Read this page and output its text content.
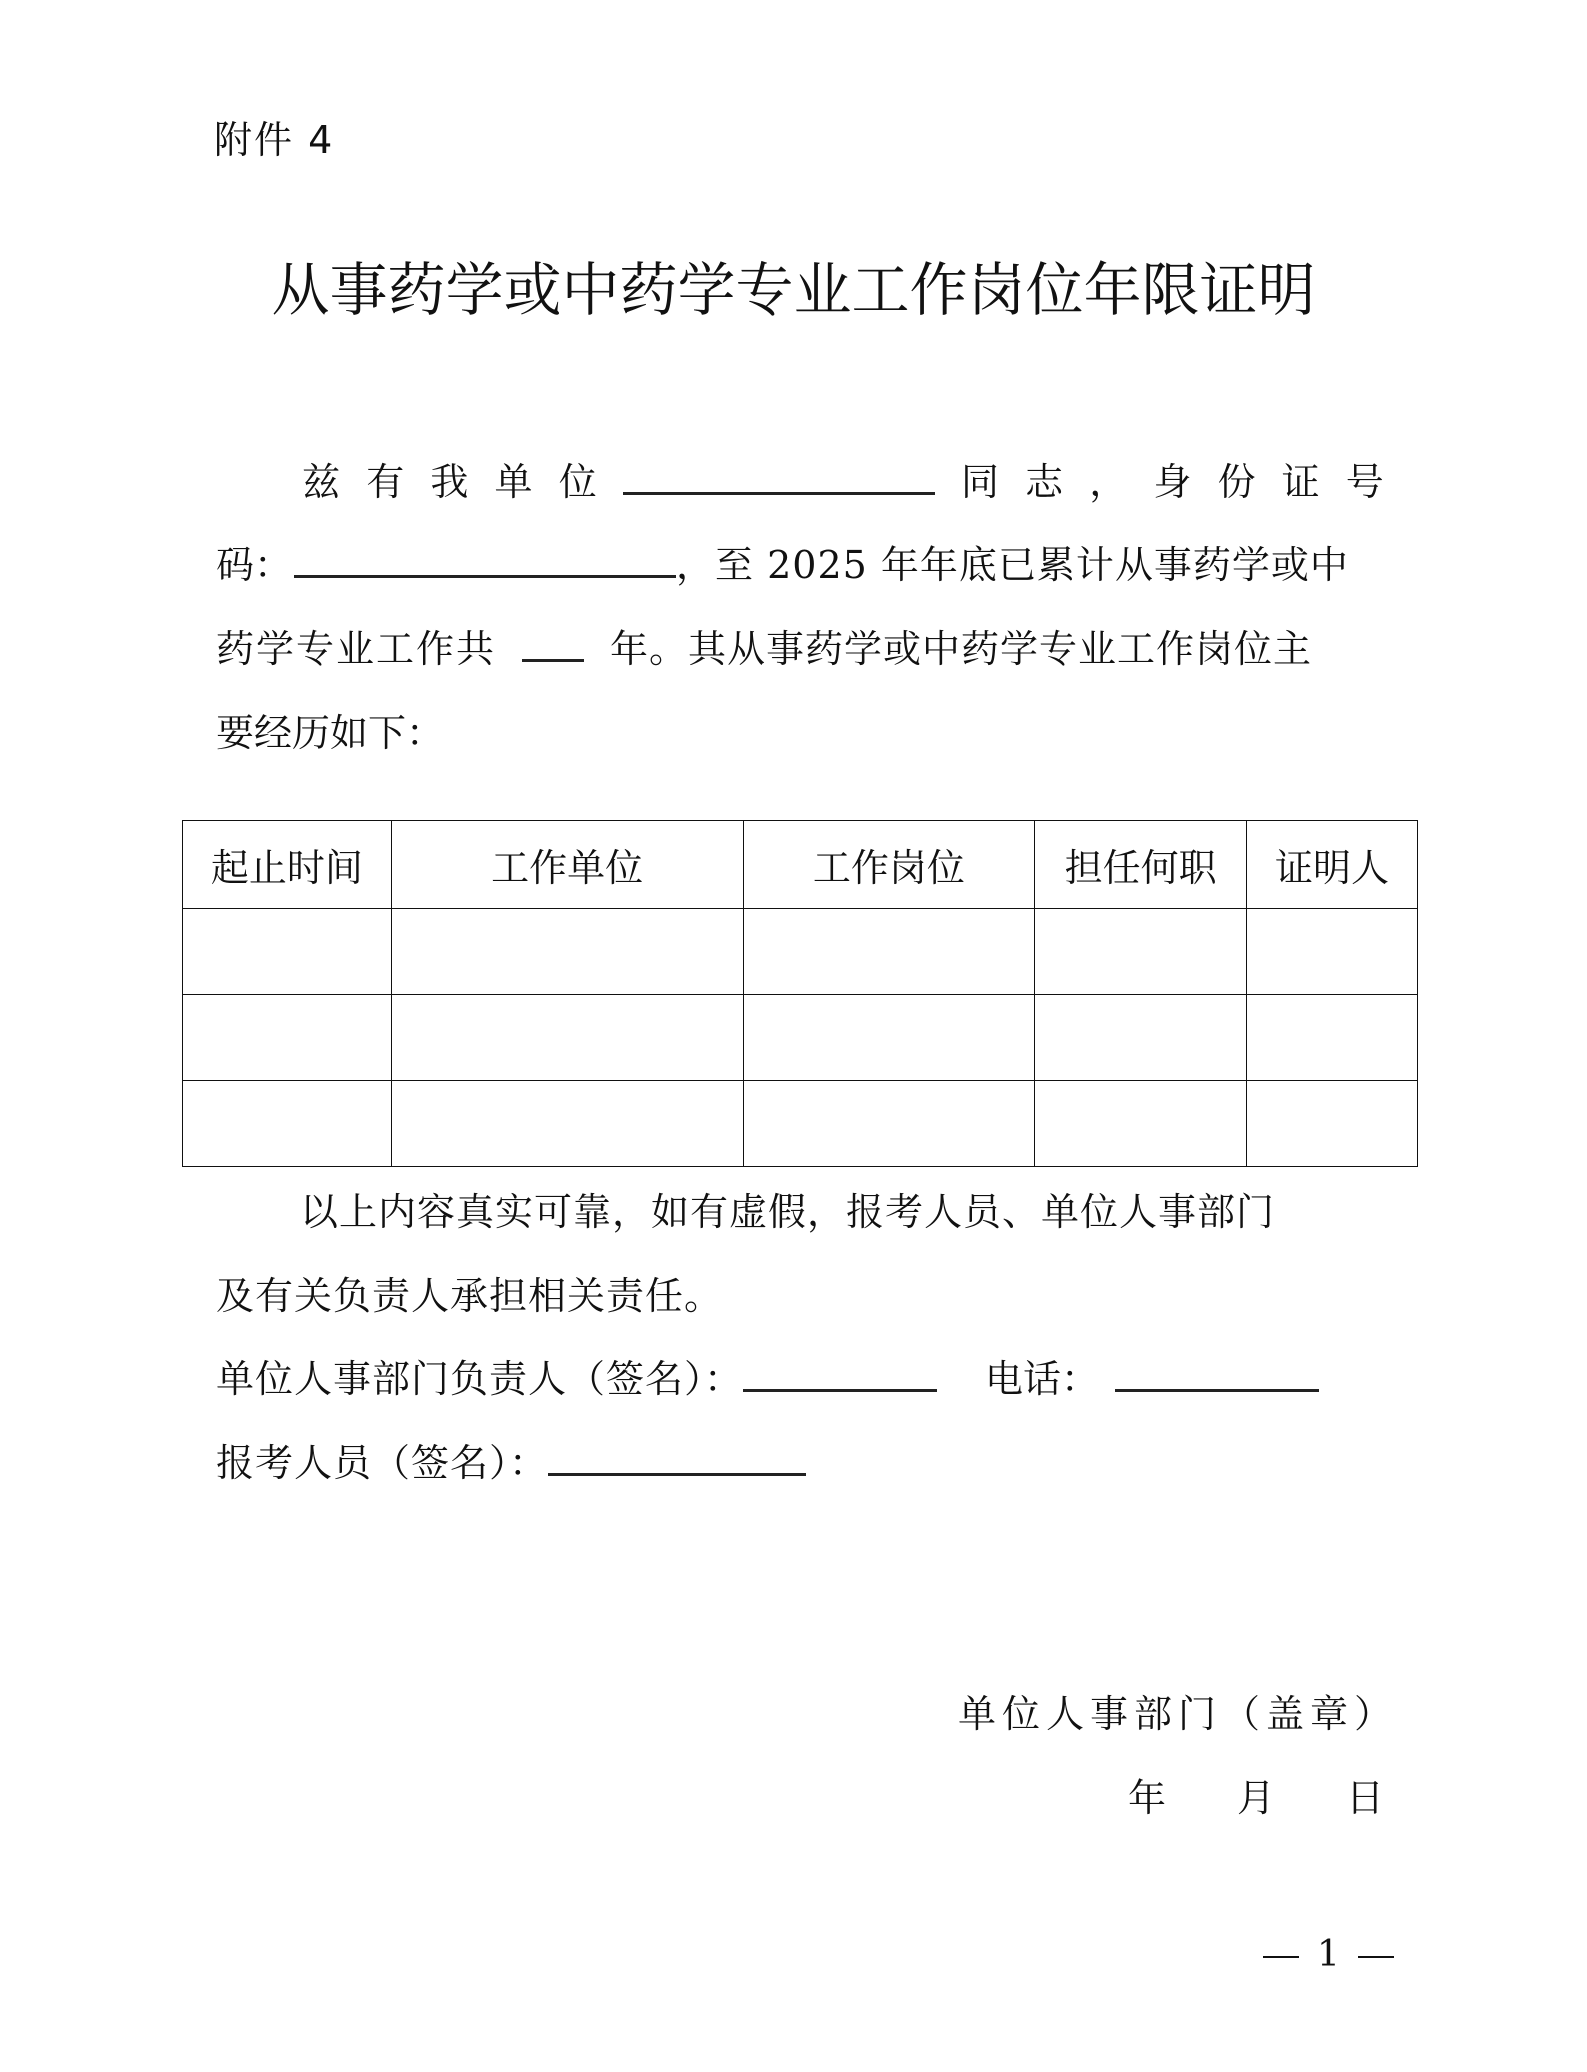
附件 4
从事药学或中药学专业工作岗位年限证明
兹 有 我 单 位	同 志 ， 身 份 证 号
码：	，至 2025 年年底已累计从事药学或中
药学专业工作共	年。其从事药学或中药学专业工作岗位主
要经历如下：
起止时间	工作单位	工作岗位	担任何职	证明人

以上内容真实可靠，如有虚假，报考人员、单位人事部门
及有关负责人承担相关责任。
单位人事部门负责人（签名）：	电话：
报考人员（签名）：
单位人事部门（盖章）
年 月 日
1
